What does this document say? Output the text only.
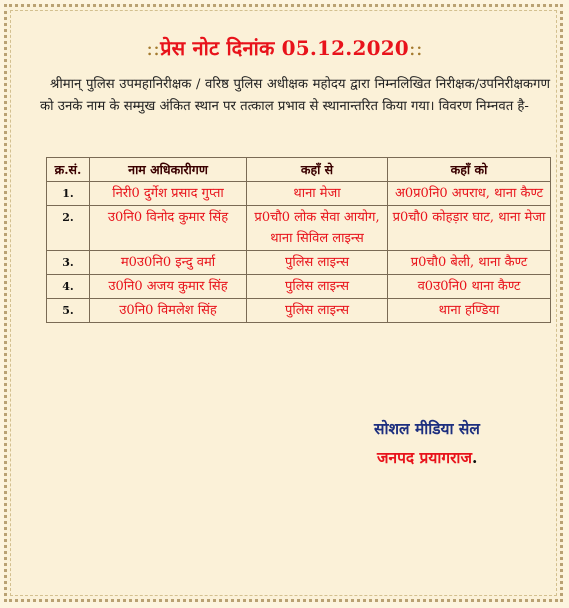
::प्रेस नोट दिनांक 05.12.2020::
श्रीमान् पुलिस उपमहानिरीक्षक / वरिष्ठ पुलिस अधीक्षक महोदय द्वारा निम्नलिखित निरीक्षक/उपनिरीक्षकगण को उनके नाम के सम्मुख अंकित स्थान पर तत्काल प्रभाव से स्थानान्तरित किया गया। विवरण निम्नवत है-
क्र.सं.	नाम अधिकारीगण	कहाँ से	कहाँ को
1.	निरी0 दुर्गेश प्रसाद गुप्ता	थाना मेजा	अ0प्र0नि0 अपराध, थाना कैण्ट
2.	उ0नि0 विनोद कुमार सिंह	प्र0चौ0 लोक सेवा आयोग, थाना सिविल लाइन्स	प्र0चौ0 कोहड़ार घाट, थाना मेजा
3.	म0उ0नि0 इन्दु वर्मा	पुलिस लाइन्स	प्र0चौ0 बेली, थाना कैण्ट
4.	उ0नि0 अजय कुमार सिंह	पुलिस लाइन्स	व0उ0नि0 थाना कैण्ट
5.	उ0नि0 विमलेश सिंह	पुलिस लाइन्स	थाना हण्डिया
सोशल मीडिया सेल
जनपद प्रयागराज.
